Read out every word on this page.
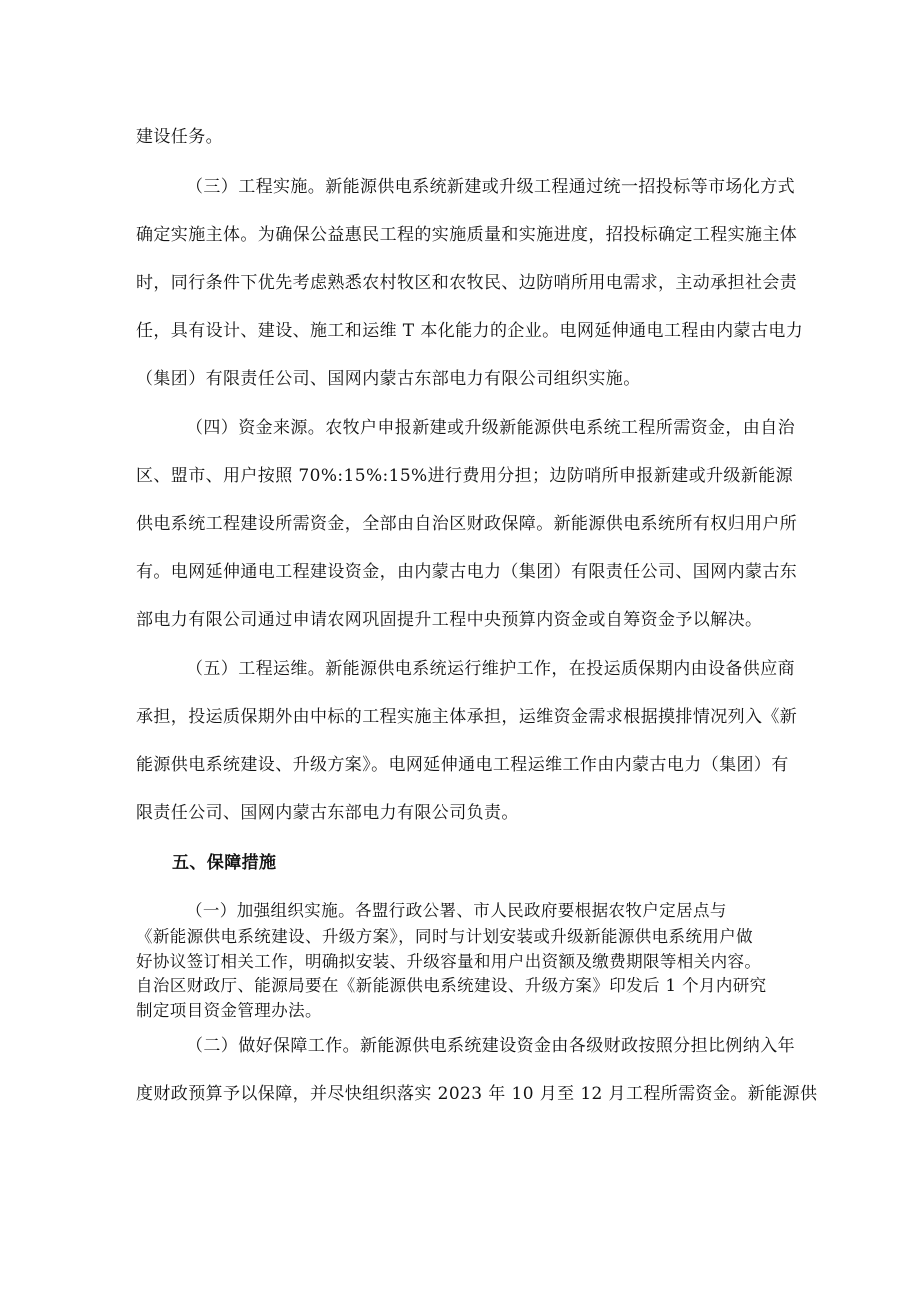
建设任务。
（三）工程实施。新能源供电系统新建或升级工程通过统一招投标等市场化方式
确定实施主体。为确保公益惠民工程的实施质量和实施进度，招投标确定工程实施主体
时，同行条件下优先考虑熟悉农村牧区和农牧民、边防哨所用电需求，主动承担社会责
任，具有设计、建设、施工和运维 T 本化能力的企业。电网延伸通电工程由内蒙古电力
（集团）有限责任公司、国网内蒙古东部电力有限公司组织实施。
（四）资金来源。农牧户申报新建或升级新能源供电系统工程所需资金，由自治
区、盟市、用户按照 70%:15%:15%进行费用分担；边防哨所申报新建或升级新能源
供电系统工程建设所需资金，全部由自治区财政保障。新能源供电系统所有权归用户所
有。电网延伸通电工程建设资金，由内蒙古电力（集团）有限责任公司、国网内蒙古东
部电力有限公司通过申请农网巩固提升工程中央预算内资金或自筹资金予以解决。
（五）工程运维。新能源供电系统运行维护工作，在投运质保期内由设备供应商
承担，投运质保期外由中标的工程实施主体承担，运维资金需求根据摸排情况列入《新
能源供电系统建设、升级方案》。电网延伸通电工程运维工作由内蒙古电力（集团）有
限责任公司、国网内蒙古东部电力有限公司负责。
五、保障措施
（一）加强组织实施。各盟行政公署、市人民政府要根据农牧户定居点与
《新能源供电系统建设、升级方案》，同时与计划安装或升级新能源供电系统用户做
好协议签订相关工作，明确拟安装、升级容量和用户出资额及缴费期限等相关内容。
自治区财政厅、能源局要在《新能源供电系统建设、升级方案》印发后 1 个月内研究
制定项目资金管理办法。
（二）做好保障工作。新能源供电系统建设资金由各级财政按照分担比例纳入年
度财政预算予以保障，并尽快组织落实 2023 年 10 月至 12 月工程所需资金。新能源供
